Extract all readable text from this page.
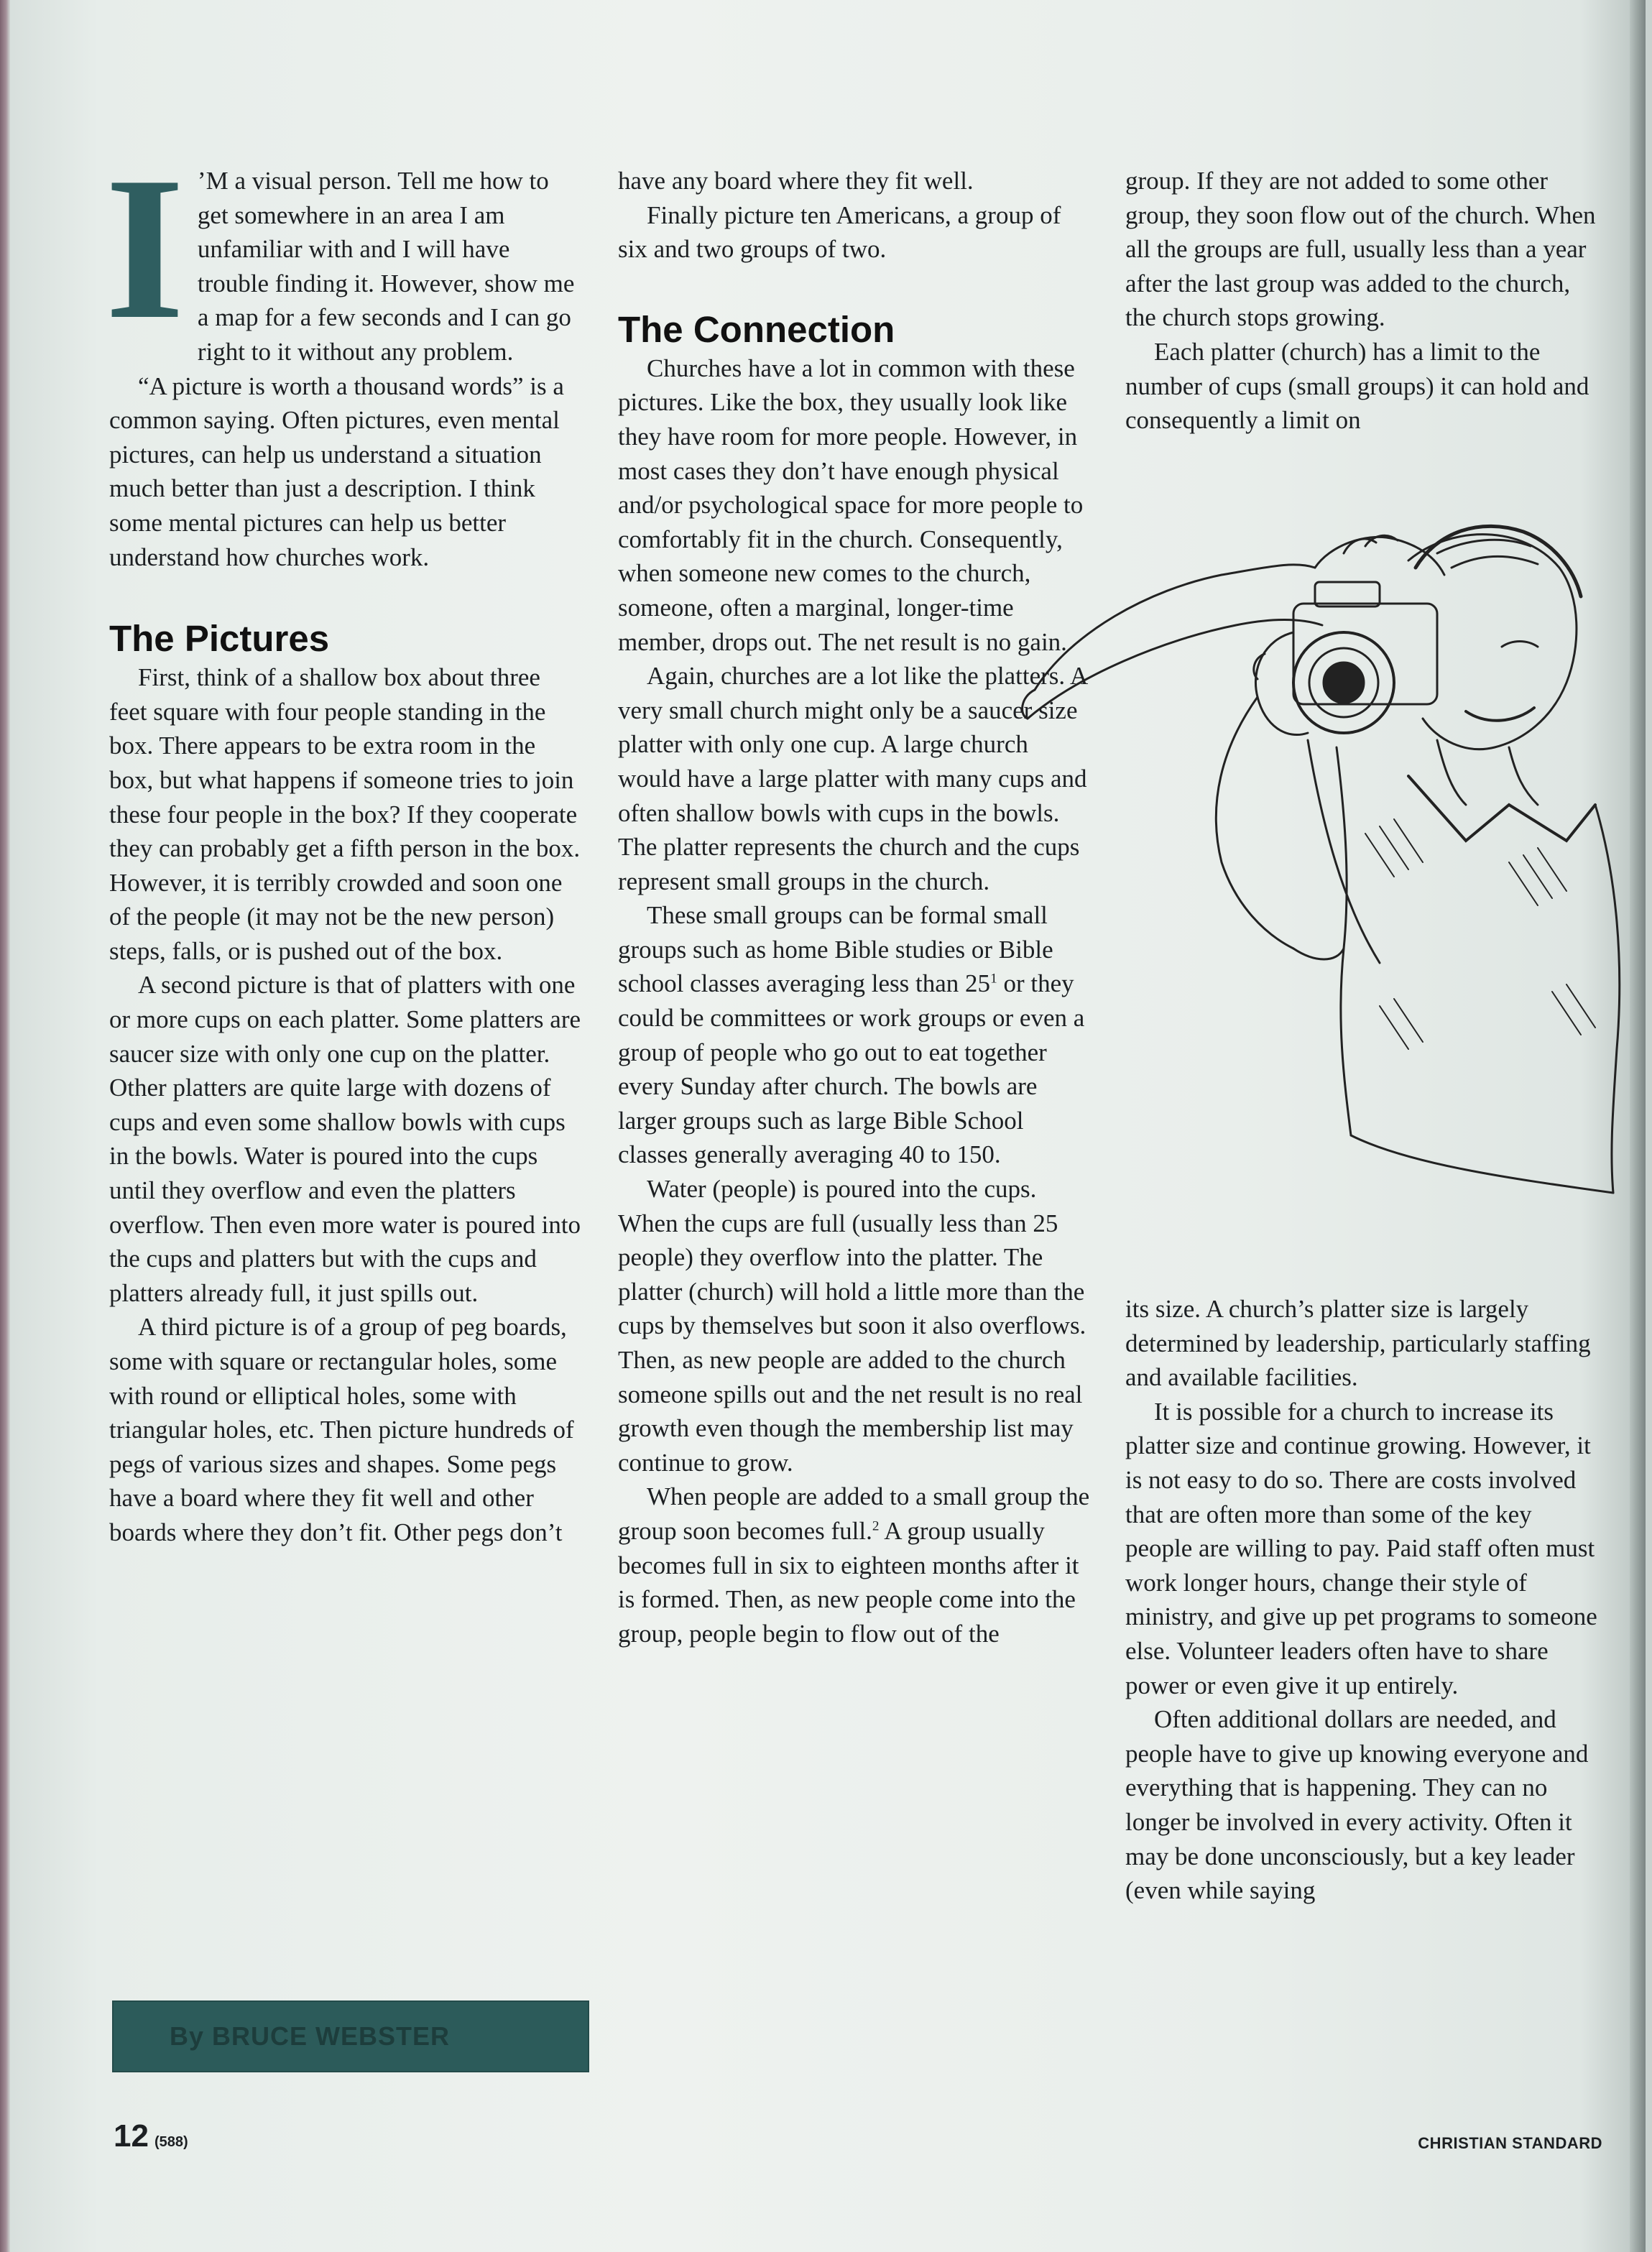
I ’M a visual person. Tell me how to get somewhere in an area I am unfamiliar with and I will have trouble finding it. However, show me a map for a few seconds and I can go right to it without any problem.

“A picture is worth a thousand words” is a common saying. Often pictures, even mental pictures, can help us understand a situation much better than just a description. I think some mental pictures can help us better understand how churches work.

The Pictures

First, think of a shallow box about three feet square with four people standing in the box. There appears to be extra room in the box, but what happens if someone tries to join these four people in the box? If they cooperate they can probably get a fifth person in the box. However, it is terribly crowded and soon one of the people (it may not be the new person) steps, falls, or is pushed out of the box.

A second picture is that of platters with one or more cups on each platter. Some platters are saucer size with only one cup on the platter. Other platters are quite large with dozens of cups and even some shallow bowls with cups in the bowls. Water is poured into the cups until they overflow and even the platters overflow. Then even more water is poured into the cups and platters but with the cups and platters already full, it just spills out.

A third picture is of a group of peg boards, some with square or rectangular holes, some with round or elliptical holes, some with triangular holes, etc. Then picture hundreds of pegs of various sizes and shapes. Some pegs have a board where they fit well and other boards where they don’t fit. Other pegs don’t

have any board where they fit well.

Finally picture ten Americans, a group of six and two groups of two.

The Connection

Churches have a lot in common with these pictures. Like the box, they usually look like they have room for more people. However, in most cases they don’t have enough physical and/or psychological space for more people to comfortably fit in the church. Consequently, when someone new comes to the church, someone, often a marginal, longer-time member, drops out. The net result is no gain.

Again, churches are a lot like the platters. A very small church might only be a saucer size platter with only one cup. A large church would have a large platter with many cups and often shallow bowls with cups in the bowls. The platter represents the church and the cups represent small groups in the church.

These small groups can be formal small groups such as home Bible studies or Bible school classes averaging less than $25^1$ or they could be committees or work groups or even a group of people who go out to eat together every Sunday after church. The bowls are larger groups such as large Bible School classes generally averaging 40 to 150.

Water (people) is poured into the cups. When the cups are full (usually less than 25 people) they overflow into the platter. The platter (church) will hold a little more than the cups by themselves but soon it also overflows. Then, as new people are added to the church someone spills out and the net result is no real growth even though the membership list may continue to grow.

When people are added to a small group the group soon becomes full.$^2$ A group usually becomes full in six to eighteen months after it is formed. Then, as new people come into the group, people begin to flow out of the

group. If they are not added to some other group, they soon flow out of the church. When all the groups are full, usually less than a year after the last group was added to the church, the church stops growing.

Each platter (church) has a limit to the number of cups (small groups) it can hold and consequently a limit on

its size. A church’s platter size is largely determined by leadership, particularly staffing and available facilities.

It is possible for a church to increase its platter size and continue growing. However, it is not easy to do so. There are costs involved that are often more than some of the key people are willing to pay. Paid staff often must work longer hours, change their style of ministry, and give up pet programs to someone else. Volunteer leaders often have to share power or even give it up entirely.

Often additional dollars are needed, and people have to give up knowing everyone and everything that is happening. They can no longer be involved in every activity. Often it may be done unconsciously, but a key leader (even while saying

By BRUCE WEBSTER
12 (588)	CHRISTIAN STANDARD
